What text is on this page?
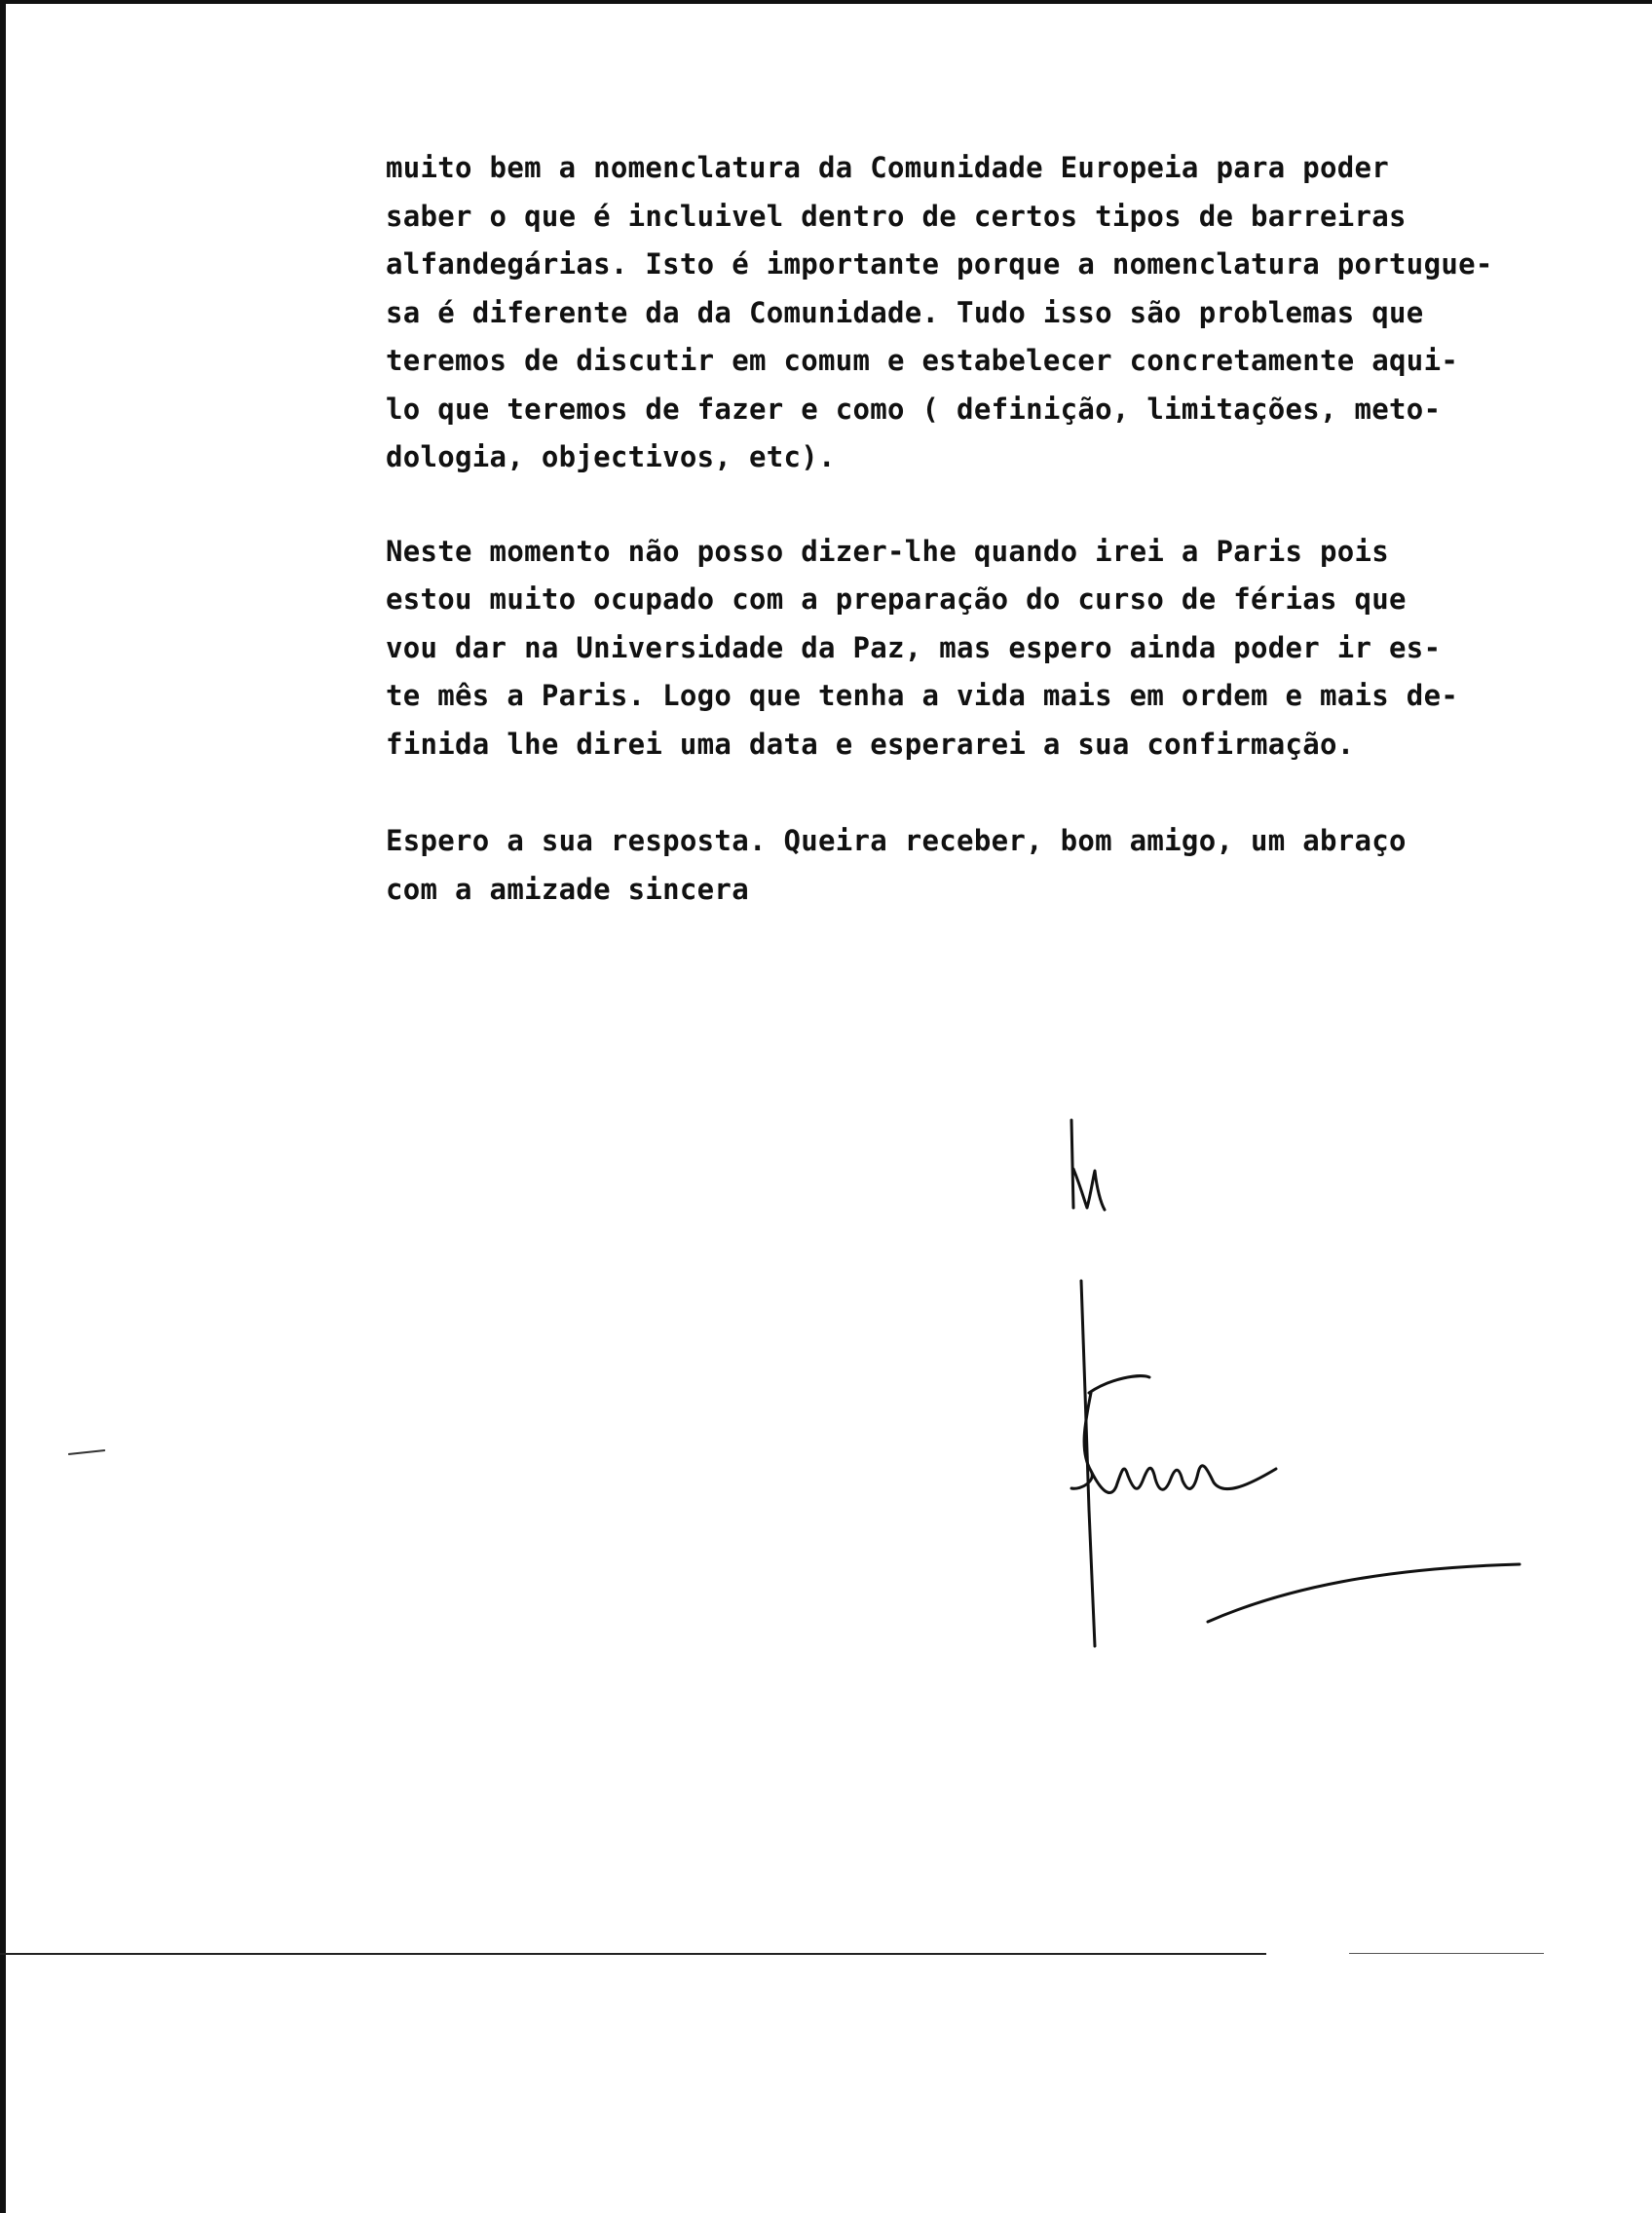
muito bem a nomenclatura da Comunidade Europeia para poder
saber o que é incluivel dentro de certos tipos de barreiras
alfandegárias. Isto é importante porque a nomenclatura portugue-
sa é diferente da da Comunidade. Tudo isso são problemas que
teremos de discutir em comum e estabelecer concretamente aqui-
lo que teremos de fazer e como ( definição, limitações, meto-
dologia, objectivos, etc).
Neste momento não posso dizer-lhe quando irei a Paris pois
estou muito ocupado com a preparação do curso de férias que
vou dar na Universidade da Paz, mas espero ainda poder ir es-
te mês a Paris. Logo que tenha a vida mais em ordem e mais de-
finida lhe direi uma data e esperarei a sua confirmação.
Espero a sua resposta. Queira receber, bom amigo, um abraço
com a amizade sincera
